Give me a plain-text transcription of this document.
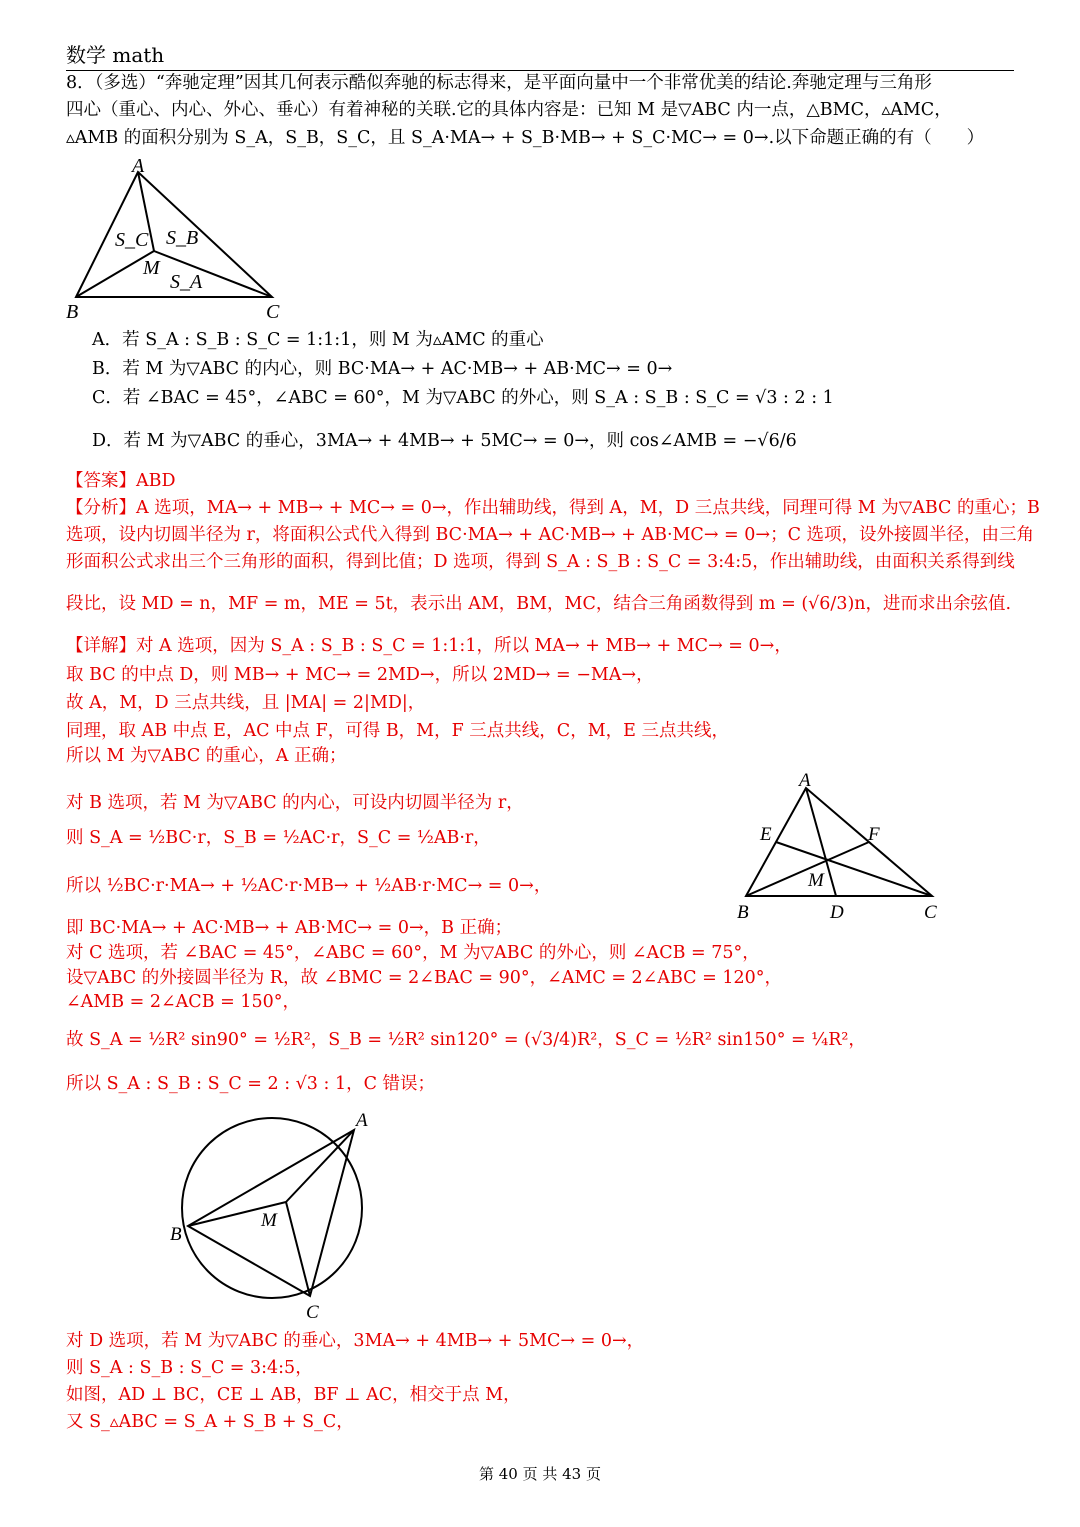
数学 math
8．（多选）“奔驰定理”因其几何表示酷似奔驰的标志得来，是平面向量中一个非常优美的结论.奔驰定理与三角形
四心（重心、内心、外心、垂心）有着神秘的关联.它的具体内容是：已知 M 是▽ABC 内一点，△BMC，▵AMC，
▵AMB 的面积分别为 S_A，S_B，S_C，且 S_A·MA→ + S_B·MB→ + S_C·MC→ = 0→.以下命题正确的有（　　）
A
B	C
M
S_C S_B
S_A
A．若 S_A : S_B : S_C = 1:1:1，则 M 为▵AMC 的重心
B．若 M 为▽ABC 的内心，则 BC·MA→ + AC·MB→ + AB·MC→ = 0→
C．若 ∠BAC = 45°，∠ABC = 60°，M 为▽ABC 的外心，则 S_A : S_B : S_C = √3 : 2 : 1
D．若 M 为▽ABC 的垂心，3MA→ + 4MB→ + 5MC→ = 0→，则 cos∠AMB = −√6/6
【答案】ABD
【分析】A 选项，MA→ + MB→ + MC→ = 0→，作出辅助线，得到 A，M，D 三点共线，同理可得 M 为▽ABC 的重心；B
选项，设内切圆半径为 r，将面积公式代入得到 BC·MA→ + AC·MB→ + AB·MC→ = 0→；C 选项，设外接圆半径，由三角
形面积公式求出三个三角形的面积，得到比值；D 选项，得到 S_A : S_B : S_C = 3:4:5，作出辅助线，由面积关系得到线
段比，设 MD = n，MF = m，ME = 5t，表示出 AM，BM，MC，结合三角函数得到 m = (√6/3)n，进而求出余弦值.
【详解】对 A 选项，因为 S_A : S_B : S_C = 1:1:1，所以 MA→ + MB→ + MC→ = 0→，
取 BC 的中点 D，则 MB→ + MC→ = 2MD→，所以 2MD→ = −MA→，
故 A，M，D 三点共线，且 |MA| = 2|MD|，
同理，取 AB 中点 E，AC 中点 F，可得 B，M，F 三点共线，C，M，E 三点共线，
所以 M 为▽ABC 的重心，A 正确；
A
B	C
D
E	F
M
对 B 选项，若 M 为▽ABC 的内心，可设内切圆半径为 r，
则 S_A = ½BC·r，S_B = ½AC·r，S_C = ½AB·r，
所以 ½BC·r·MA→ + ½AC·r·MB→ + ½AB·r·MC→ = 0→，
即 BC·MA→ + AC·MB→ + AB·MC→ = 0→，B 正确；
对 C 选项，若 ∠BAC = 45°，∠ABC = 60°，M 为▽ABC 的外心，则 ∠ACB = 75°，
设▽ABC 的外接圆半径为 R，故 ∠BMC = 2∠BAC = 90°，∠AMC = 2∠ABC = 120°，
∠AMB = 2∠ACB = 150°，
故 S_A = ½R² sin90° = ½R²，S_B = ½R² sin120° = (√3/4)R²，S_C = ½R² sin150° = ¼R²，
所以 S_A : S_B : S_C = 2 : √3 : 1，C 错误；
A
B
C
M
对 D 选项，若 M 为▽ABC 的垂心，3MA→ + 4MB→ + 5MC→ = 0→，
则 S_A : S_B : S_C = 3:4:5，
如图，AD ⊥ BC，CE ⊥ AB，BF ⊥ AC，相交于点 M，
又 S_▵ABC = S_A + S_B + S_C，
第 40 页 共 43 页
